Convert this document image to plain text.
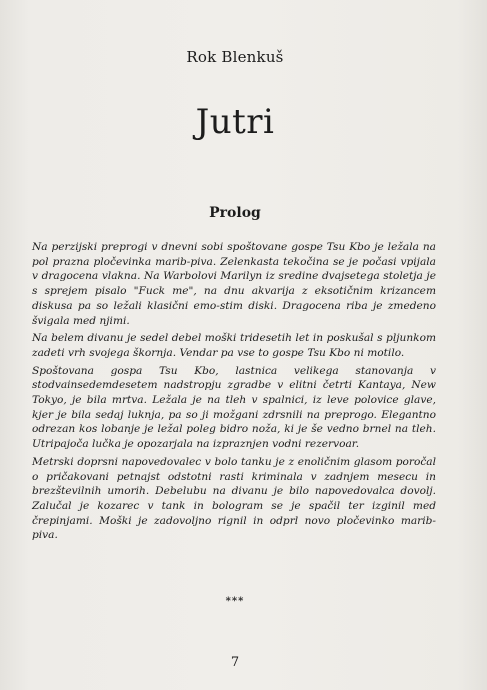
Rok Blenkuš
Jutri
Prolog

Na perzijski preprogi v dnevni sobi spoštovane gospe Tsu Kbo je ležala na pol prazna pločevinka marib-piva. Zelenkasta tekočina se je počasi vpijala v dragocena vlakna. Na Warbolovi Marilyn iz sredine dvajsetega stoletja je s sprejem pisalo "Fuck me", na dnu akvarija z eksotičnim krizancem diskusa pa so ležali klasični emo-stim diski. Dragocena riba je zmedeno švigala med njimi.

Na belem divanu je sedel debel moški tridesetih let in poskušal s pljunkom zadeti vrh svojega škornja. Vendar pa vse to gospe Tsu Kbo ni motilo.

Spoštovana gospa Tsu Kbo, lastnica velikega stanovanja v stodvainsedemdesetem nadstropju zgradbe v elitni četrti Kantaya, New Tokyo, je bila mrtva. Ležala je na tleh v spalnici, iz leve polovice glave, kjer je bila sedaj luknja, pa so ji možgani zdrsnili na preprogo. Elegantno odrezan kos lobanje je ležal poleg bidro noža, ki je še vedno brnel na tleh. Utripajoča lučka je opozarjala na izpraznjen vodni rezervoar.

Metrski doprsni napovedovalec v bolo tanku je z enoličnim glasom poročal o pričakovani petnajst odstotni rasti kriminala v zadnjem mesecu in brezštevilnih umorih. Debelubu na divanu je bilo napovedovalca dovolj. Zalučal je kozarec v tank in bologram se je spačil ter izginil med črepinjami. Moški je zadovoljno rignil in odprl novo pločevinko marib- piva.

***
7
